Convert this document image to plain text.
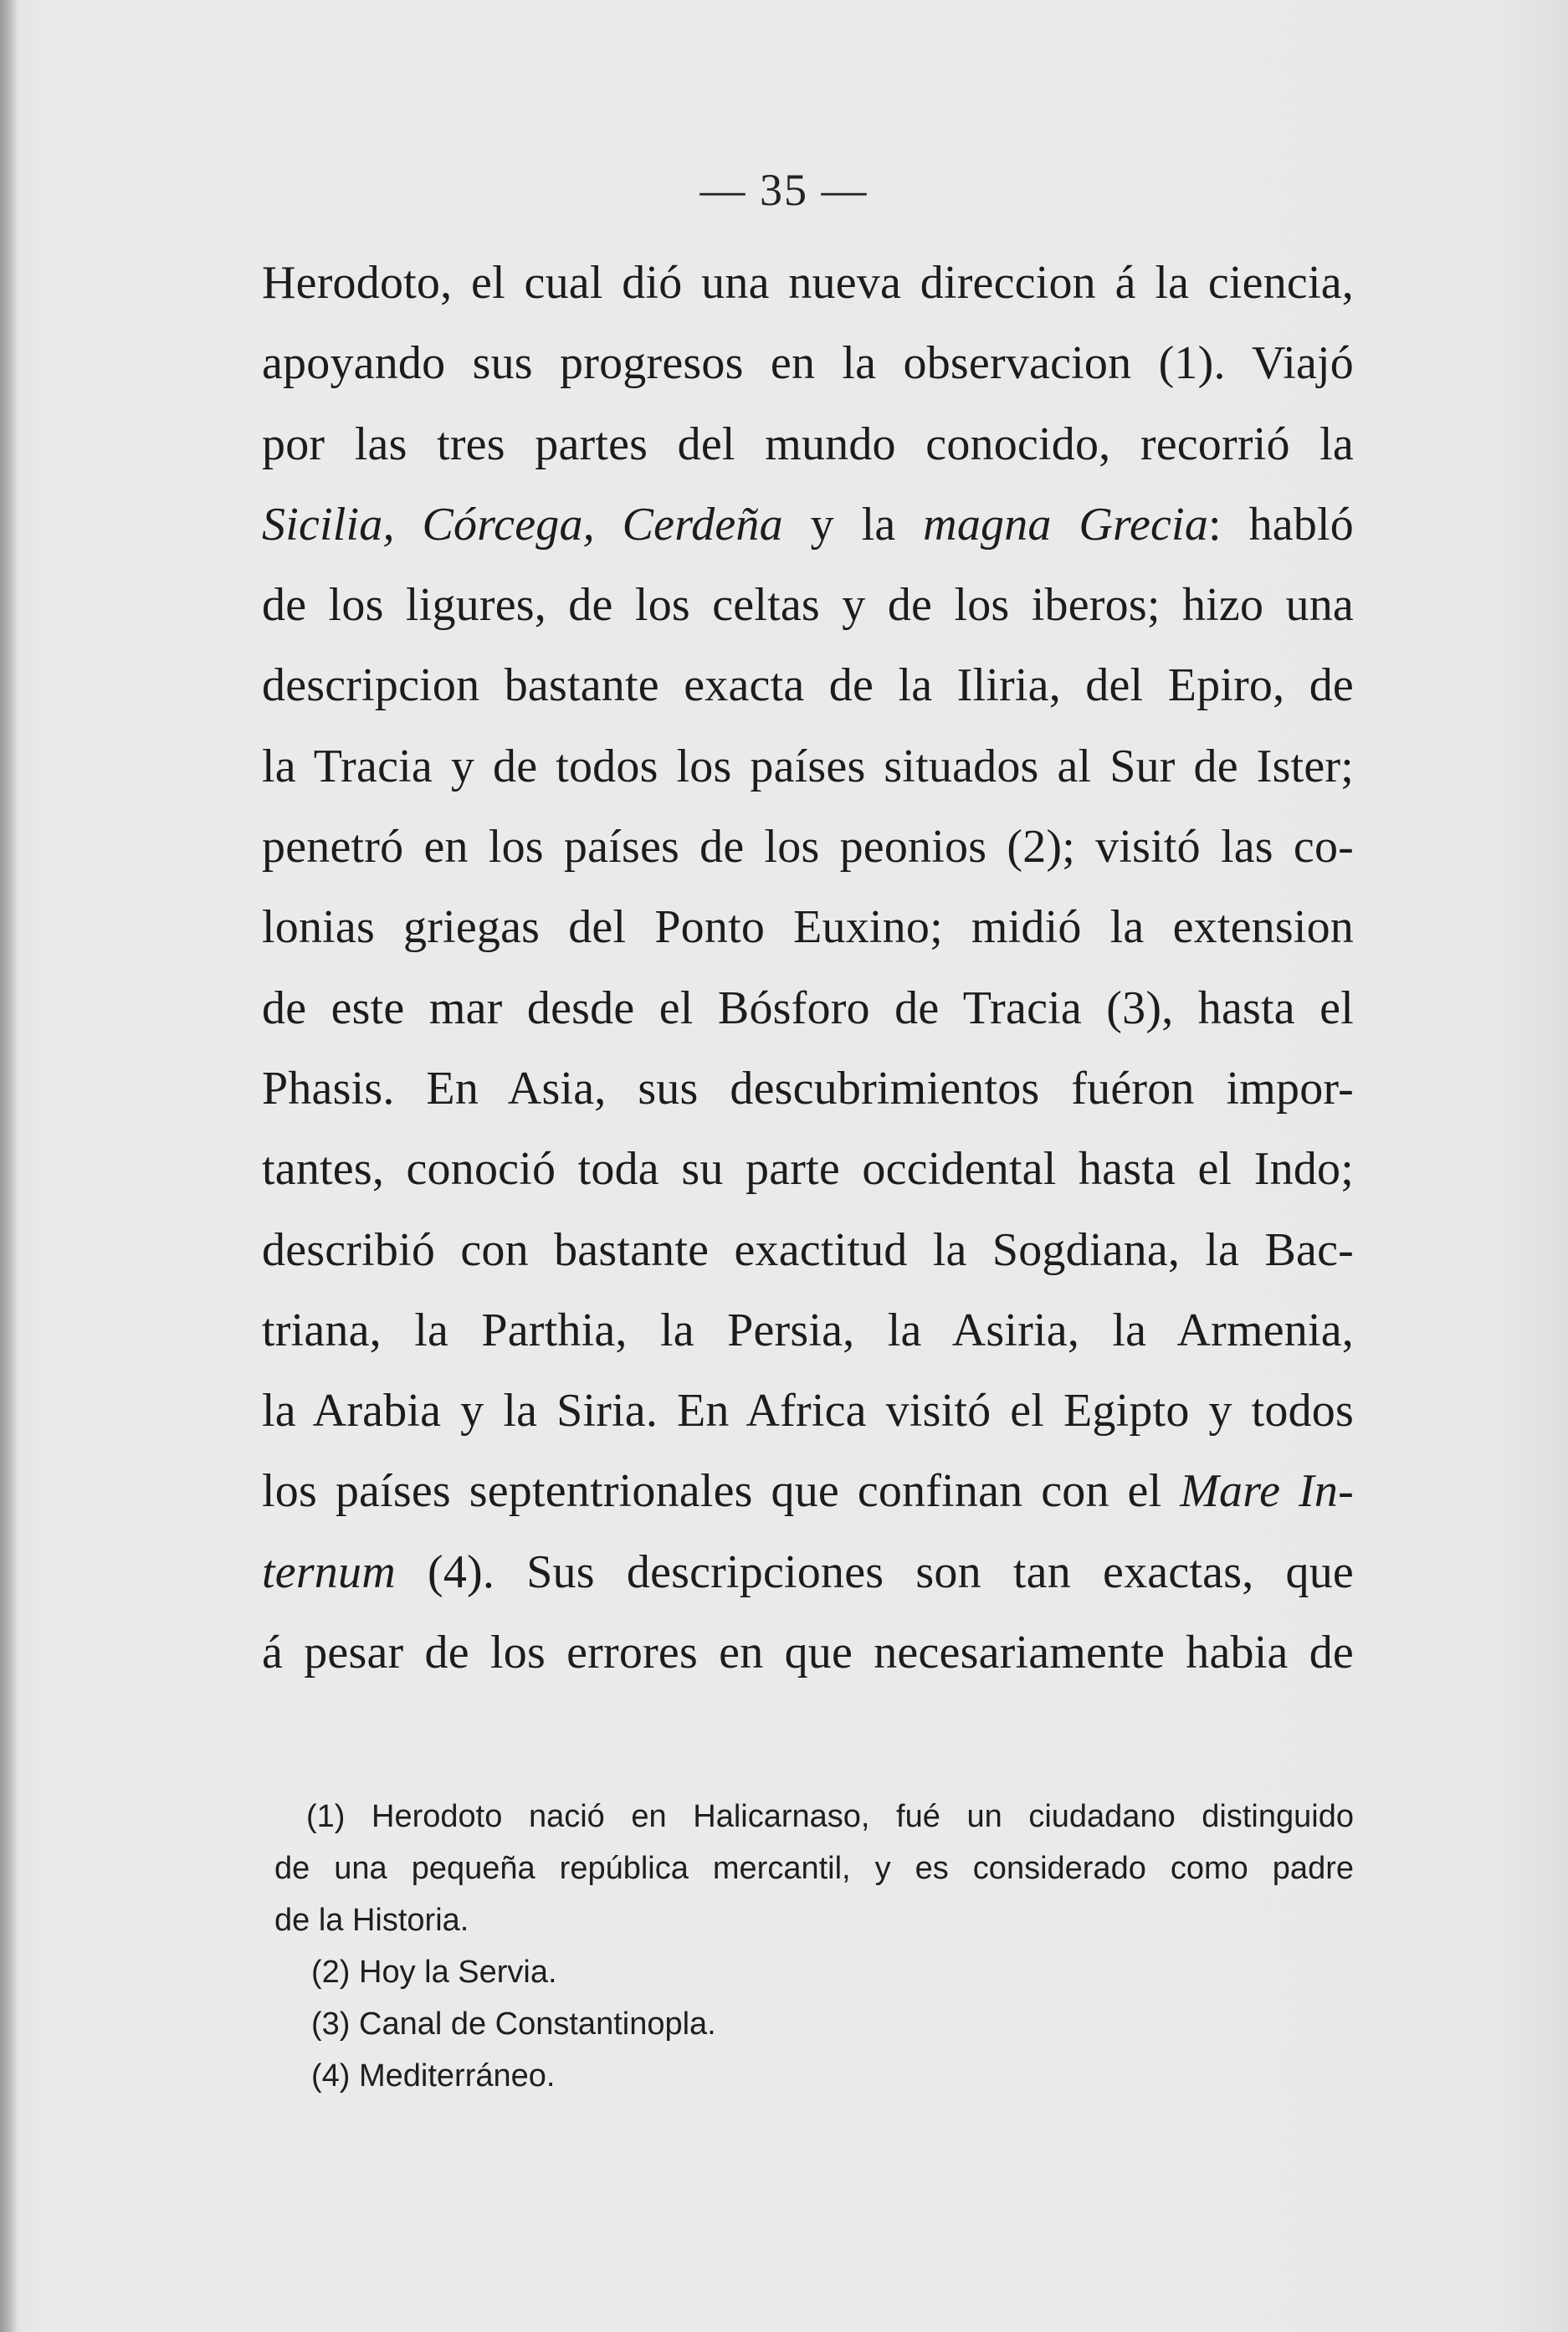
— 35 —
Herodoto, el cual dió una nueva direccion á la ciencia,
apoyando sus progresos en la observacion (1). Viajó
por las tres partes del mundo conocido, recorrió la
Sicilia, Córcega, Cerdeña y la magna Grecia: habló
de los ligures, de los celtas y de los iberos; hizo una
descripcion bastante exacta de la Iliria, del Epiro, de
la Tracia y de todos los países situados al Sur de Ister;
penetró en los países de los peonios (2); visitó las co-
lonias griegas del Ponto Euxino; midió la extension
de este mar desde el Bósforo de Tracia (3), hasta el
Phasis. En Asia, sus descubrimientos fuéron impor-
tantes, conoció toda su parte occidental hasta el Indo;
describió con bastante exactitud la Sogdiana, la Bac-
triana, la Parthia, la Persia, la Asiria, la Armenia,
la Arabia y la Siria. En Africa visitó el Egipto y todos
los países septentrionales que confinan con el Mare In-
ternum (4). Sus descripciones son tan exactas, que
á pesar de los errores en que necesariamente habia de
(1) Herodoto nació en Halicarnaso, fué un ciudadano distinguido
de una pequeña república mercantil, y es considerado como padre
de la Historia.
(2) Hoy la Servia.
(3) Canal de Constantinopla.
(4) Mediterráneo.
